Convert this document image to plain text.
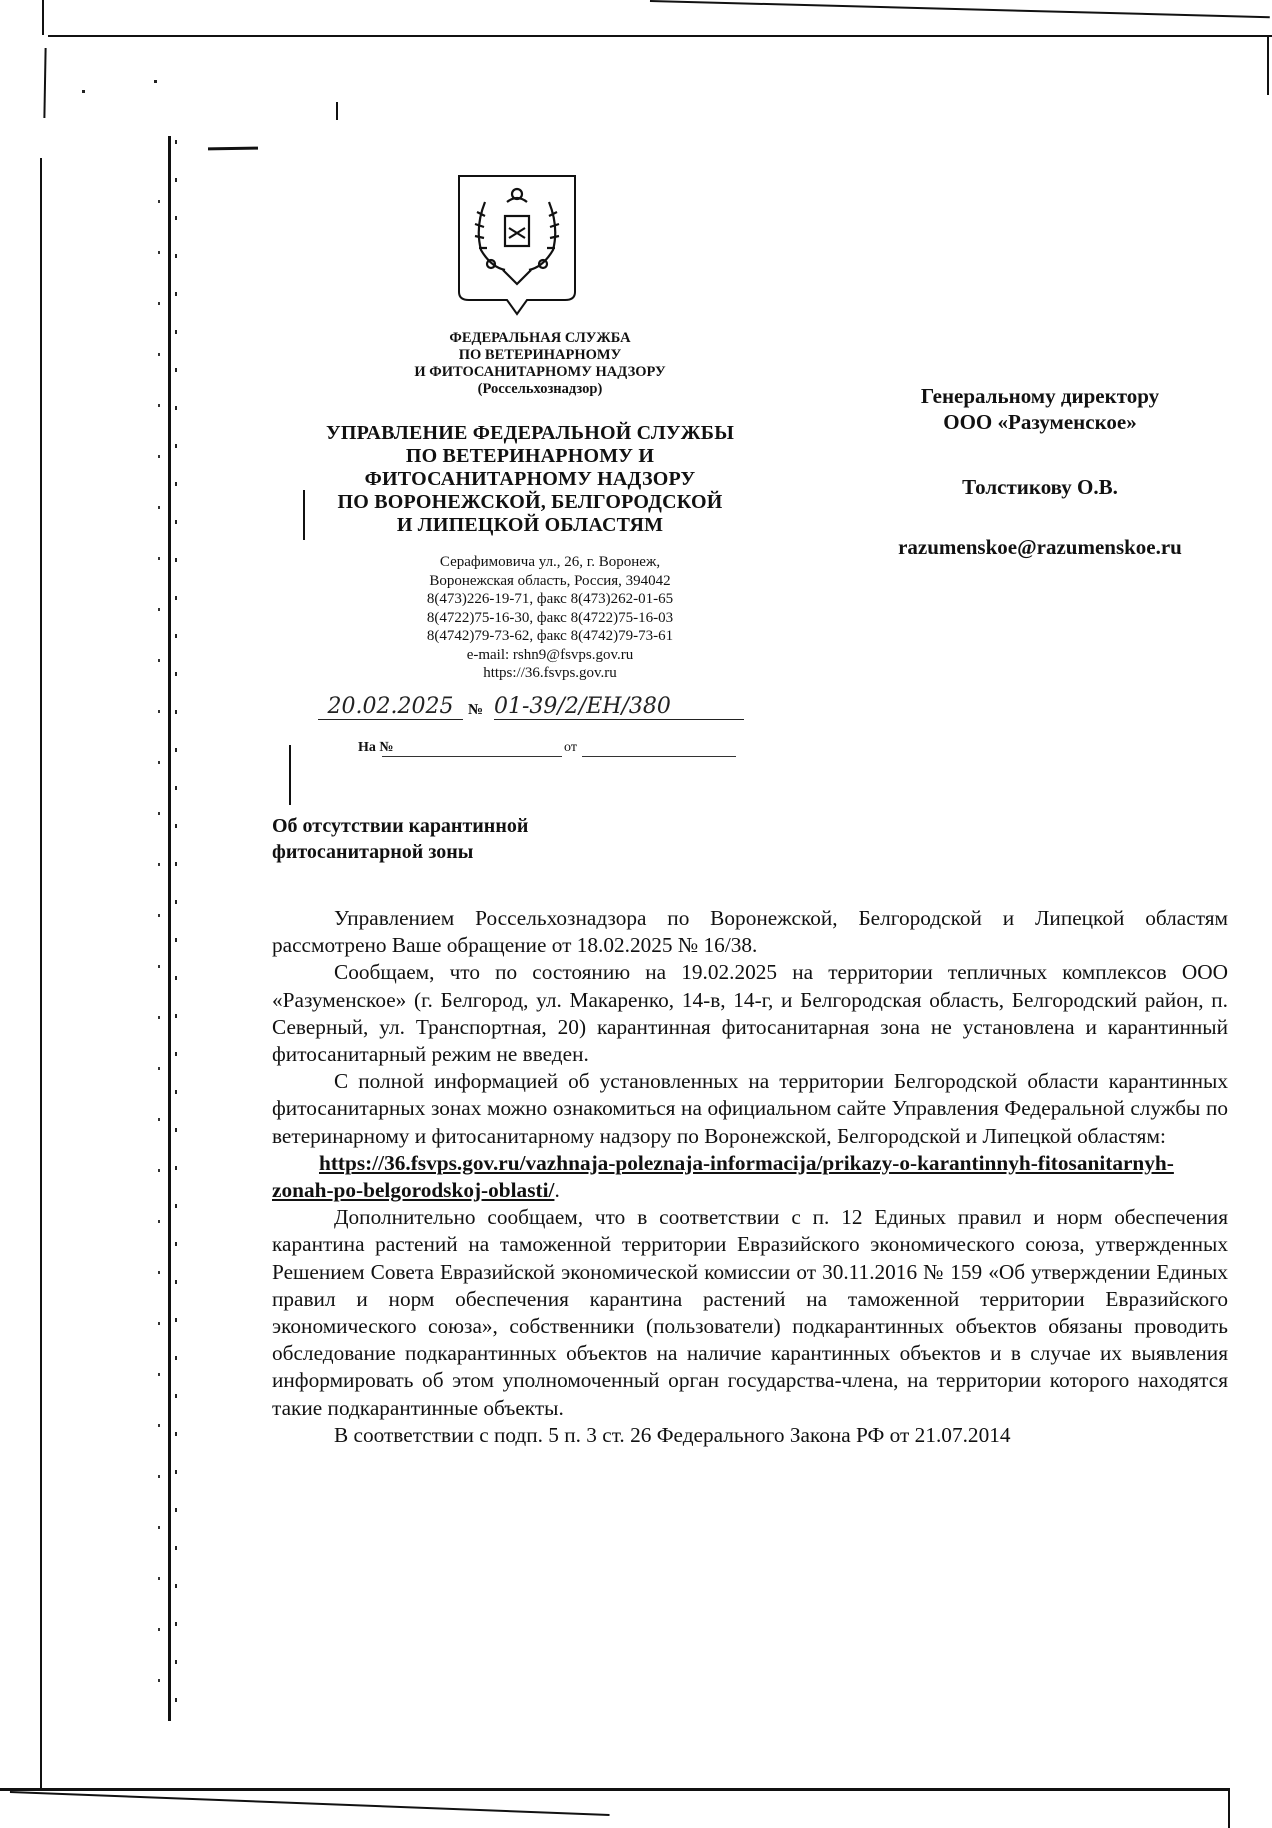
ФЕДЕРАЛЬНАЯ СЛУЖБА
ПО ВЕТЕРИНАРНОМУ
И ФИТОСАНИТАРНОМУ НАДЗОРУ
(Россельхознадзор)
УПРАВЛЕНИЕ ФЕДЕРАЛЬНОЙ СЛУЖБЫ
ПО ВЕТЕРИНАРНОМУ И
ФИТОСАНИТАРНОМУ НАДЗОРУ
ПО ВОРОНЕЖСКОЙ, БЕЛГОРОДСКОЙ
И ЛИПЕЦКОЙ ОБЛАСТЯМ
Серафимовича ул., 26, г. Воронеж,
Воронежская область, Россия, 394042
8(473)226-19-71, факс 8(473)262-01-65
8(4722)75-16-30, факс 8(4722)75-16-03
8(4742)79-73-62, факс 8(4742)79-73-61
e-mail: rshn9@fsvps.gov.ru
https://36.fsvps.gov.ru
20.02.2025 № 01-39/2/ЕН/380
На №	от
Генеральному директору
ООО «Разуменское»
Толстикову О.В.
razumenskoe@razumenskoe.ru
Об отсутствии карантинной
фитосанитарной зоны

Управлением Россельхознадзора по Воронежской, Белгородской и Липецкой областям рассмотрено Ваше обращение от 18.02.2025 № 16/38.

Сообщаем, что по состоянию на 19.02.2025 на территории тепличных комплексов ООО «Разуменское» (г. Белгород, ул. Макаренко, 14-в, 14-г, и Белгородская область, Белгородский район, п. Северный, ул. Транспортная, 20) карантинная фитосанитарная зона не установлена и карантинный фитосанитарный режим не введен.

С полной информацией об установленных на территории Белгородской области карантинных фитосанитарных зонах можно ознакомиться на официальном сайте Управления Федеральной службы по ветеринарному и фитосанитарному надзору по Воронежской, Белгородской и Липецкой областям:

https://36.fsvps.gov.ru/vazhnaja-poleznaja-informacija/prikazy-o-karantinnyh-fitosanitarnyh-zonah-po-belgorodskoj-oblasti/.

Дополнительно сообщаем, что в соответствии с п. 12 Единых правил и норм обеспечения карантина растений на таможенной территории Евразийского экономического союза, утвержденных Решением Совета Евразийской экономической комиссии от 30.11.2016 № 159 «Об утверждении Единых правил и норм обеспечения карантина растений на таможенной территории Евразийского экономического союза», собственники (пользователи) подкарантинных объектов обязаны проводить обследование подкарантинных объектов на наличие карантинных объектов и в случае их выявления информировать об этом уполномоченный орган государства-члена, на территории которого находятся такие подкарантинные объекты.

В соответствии с подп. 5 п. 3 ст. 26 Федерального Закона РФ от 21.07.2014
